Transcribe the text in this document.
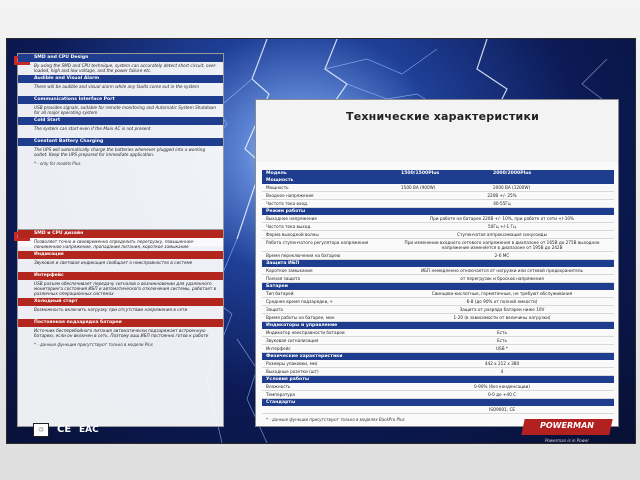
SMD and CPU Design
By using the SMD and CPU technique, system can accurately detect short circuit, over-loaded, high and low voltage, and the power failure etc.
Audible and Visual Alarm
There will be audible and visual alarm while any faults come out in the system
Communications Interface Port
USB provides signals, suitable for remote monitoring and Automatic System Shutdown for all major operating system
Cold Start
The system can start even if the Main AC is not present
Constant Battery Charging
The UPS will automatically charge the batteries whenever plugged into a working outlet. Keep the UPS prepared for immediate application.
* - only for models Plus
SMD и CPU дизайн
Позволяет точно и своевременно определить перегрузку, повышенное-пониженное напряжение, пропадание питания, короткое замыкание
Индикация
Звуковая и световая индикация сообщает о неисправностях в системе
Интерфейс
USB разъем обеспечивает передачу сигналов о возникновении для удаленного мониторинга состояния ИБП и автоматического отключения системы, работает в различных операционных системах
Холодный старт
Возможность включить нагрузку при отсутствии напряжения в сети
Постоянная подзарядка батареи
Источник бесперебойного питания автоматически подзаряжает встроенную батарею, если он включен в сеть. Поэтому ваш ИБП постоянно готов к работе
* - данные функции присутствуют только в модели Plus
Технические характеристики
Модель	1500/1500Plus	2000/2000Plus
Мощность
Мощность	1500 ВА (900W)	2000 ВА (1200W)
Входное напряжение	220В +/- 25%
Частота тока вход.	40-55Гц
Режим работы
Выходное напряжение	При работе на батарее 220В +/- 10%, при работе от сети +/-10%
Частота тока выход.	50Гц +/-1 Гц
Форма выходной волны	Ступенчатая аппроксимация синусоиды
Работа ступенчатого регулятора напряжения	При изменении входного сетевого напряжения в диапазоне от 165В до 275В выходное напряжение изменяется в диапазоне от 195В до 242В
Время переключения на батарею	2-6 МС
Защита ИБП
Короткое замыкание	ИБП немедленно отключается от нагрузки или сетевой предохранитель
Полная защита	от перегрузок и бросков напряжения
Батареи
Тип батарей	Свинцово-кислотные, герметичные, не требуют обслуживания
Среднее время подзарядки, ч	6-8 (до 90% от полной емкости)
Защита	Защита от разряда батареи ниже 10V
Время работы на батарее, мин	1-20 (в зависимости от величины нагрузки)
Индикаторы и управление
Индикатор неисправности батареи	Есть
Звуковая сигнализация	Есть
Интерфейс	USB *
Физические характеристики
Размеры упаковки, мм)	442 x 212 x 380
Выходные розетки (шт)	4
Условия работы
Влажность	0-90% (без конденсации)
Температура	0-0 до +40 С
Стандарты
ISO9001, CE
* - данные функции присутствуют только в моделях BackPro Plus
♲	CE EAC	POWERMAN
Powerman is in Power
